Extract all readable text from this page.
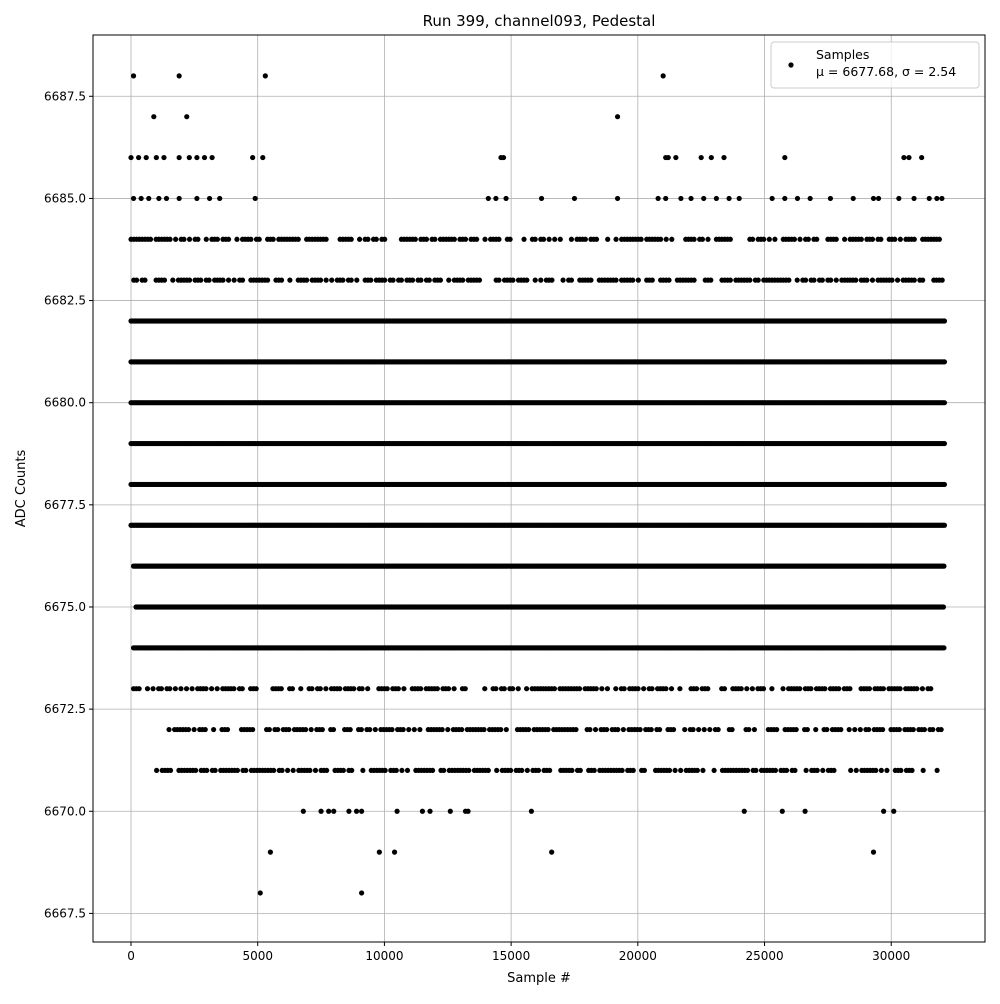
0	5000	10000	15000	20000	25000	30000
6667.5
6670.0
6672.5
6675.0
6677.5
6680.0
6682.5
6685.0
6687.5
Run 399, channel093, Pedestal
Sample #
ADC Counts
Samples
μ = 6677.68, σ = 2.54
